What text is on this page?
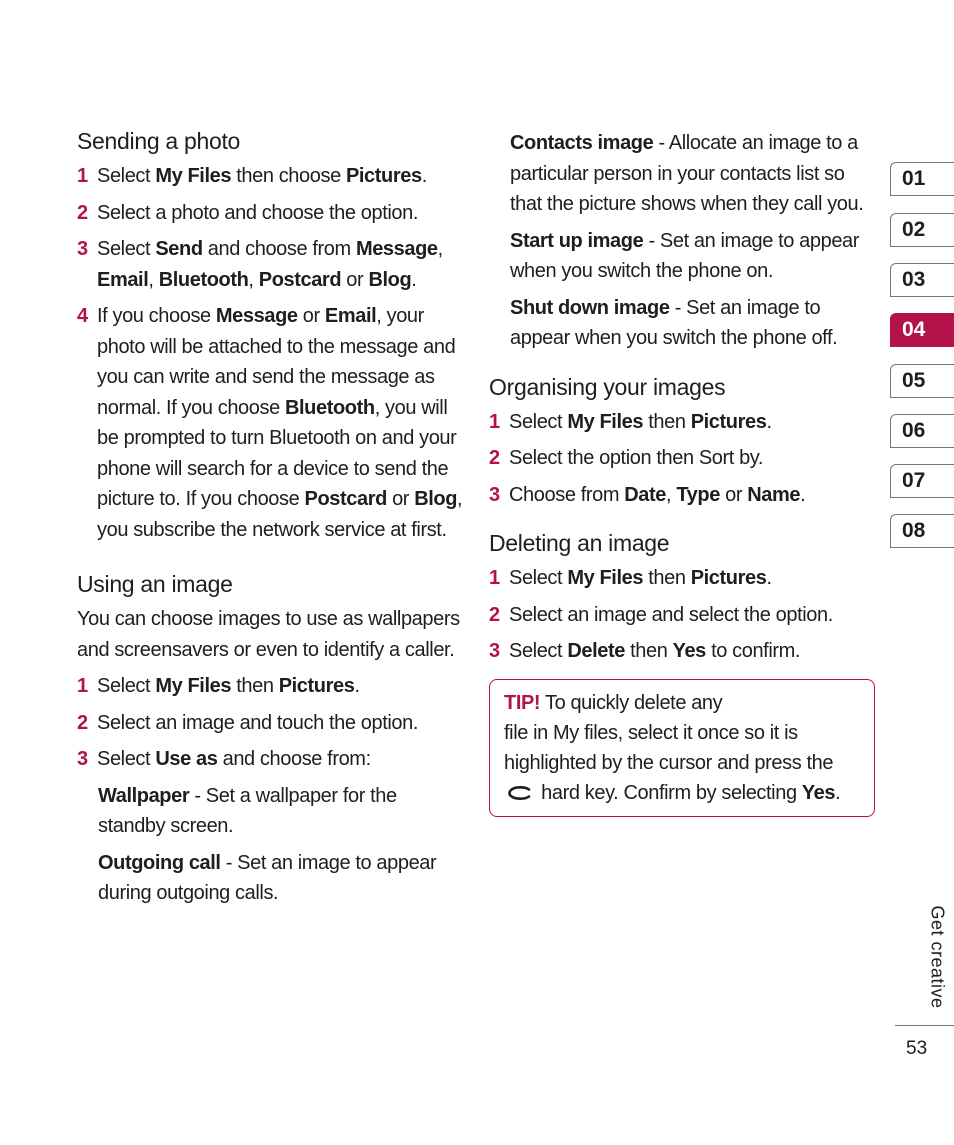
Sending a photo
1 Select My Files then choose Pictures.
2 Select a photo and choose the option.
3 Select Send and choose from Message, Email, Bluetooth, Postcard or Blog.
4 If you choose Message or Email, your photo will be attached to the message and you can write and send the message as normal. If you choose Bluetooth, you will be prompted to turn Bluetooth on and your phone will search for a device to send the picture to. If you choose Postcard or Blog, you subscribe the network service at first.
Using an image

You can choose images to use as wallpapers and screensavers or even to identify a caller.

1 Select My Files then Pictures.
2 Select an image and touch the option.
3 Select Use as and choose from:

Wallpaper - Set a wallpaper for the standby screen.

Outgoing call - Set an image to appear during outgoing calls.

Contacts image - Allocate an image to a particular person in your contacts list so that the picture shows when they call you.

Start up image - Set an image to appear when you switch the phone on.

Shut down image - Set an image to appear when you switch the phone off.

Organising your images
1 Select My Files then Pictures.
2 Select the option then Sort by.
3 Choose from Date, Type or Name.
Deleting an image
1 Select My Files then Pictures.
2 Select an image and select the option.
3 Select Delete then Yes to confirm.

TIP! To quickly delete any
file in My files, select it once so it is highlighted by the cursor and press the
hard key. Confirm by selecting Yes.

01
02
03
04
05
06
07
08
Get creative
53
